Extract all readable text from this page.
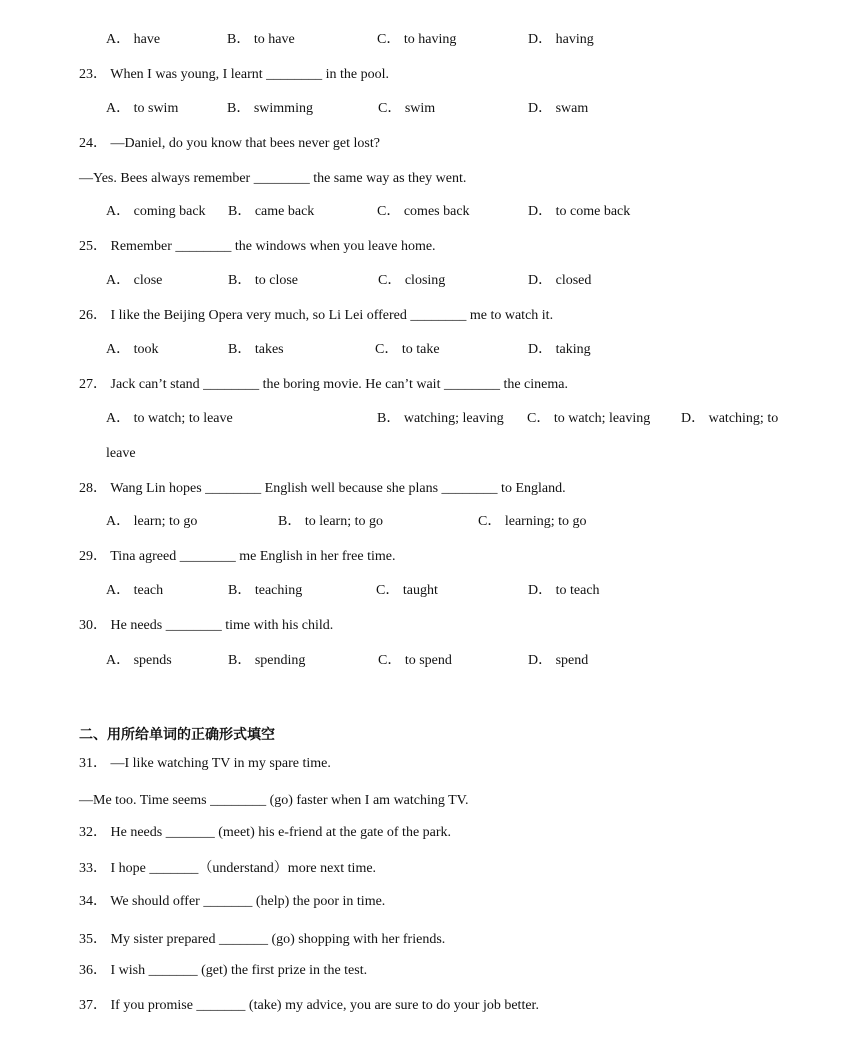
A． have	B． to have	C． to having	D． having
23． When I was young, I learnt ________ in the pool.
A． to swim	B． swimming	C． swim	D． swam
24． —Daniel, do you know that bees never get lost?
—Yes. Bees always remember ________ the same way as they went.
A． coming back B． came back	C． comes back	D． to come back
25． Remember ________ the windows when you leave home.
A． close	B． to close	C． closing	D． closed
26． I like the Beijing Opera very much, so Li Lei offered ________ me to watch it.
A． took	B． takes	C． to take	D． taking
27． Jack can’t stand ________ the boring movie. He can’t wait ________ the cinema.
A． to watch; to leave	B． watching; leaving C． to watch; leaving D． watching; to
leave
28． Wang Lin hopes ________ English well because she plans ________ to England.
A． learn; to go	B． to learn; to go	C． learning; to go
29． Tina agreed ________ me English in her free time.
A． teach	B． teaching	C． taught	D． to teach
30． He needs ________ time with his child.
A． spends	B． spending	C． to spend	D． spend
二、用所给单词的正确形式填空
31． —I like watching TV in my spare time.
—Me too. Time seems ________ (go) faster when I am watching TV.
32． He needs _______ (meet) his e-friend at the gate of the park.
33． I hope _______（understand）more next time.
34． We should offer _______ (help) the poor in time.
35． My sister prepared _______ (go) shopping with her friends.
36． I wish _______ (get) the first prize in the test.
37． If you promise _______ (take) my advice, you are sure to do your job better.
